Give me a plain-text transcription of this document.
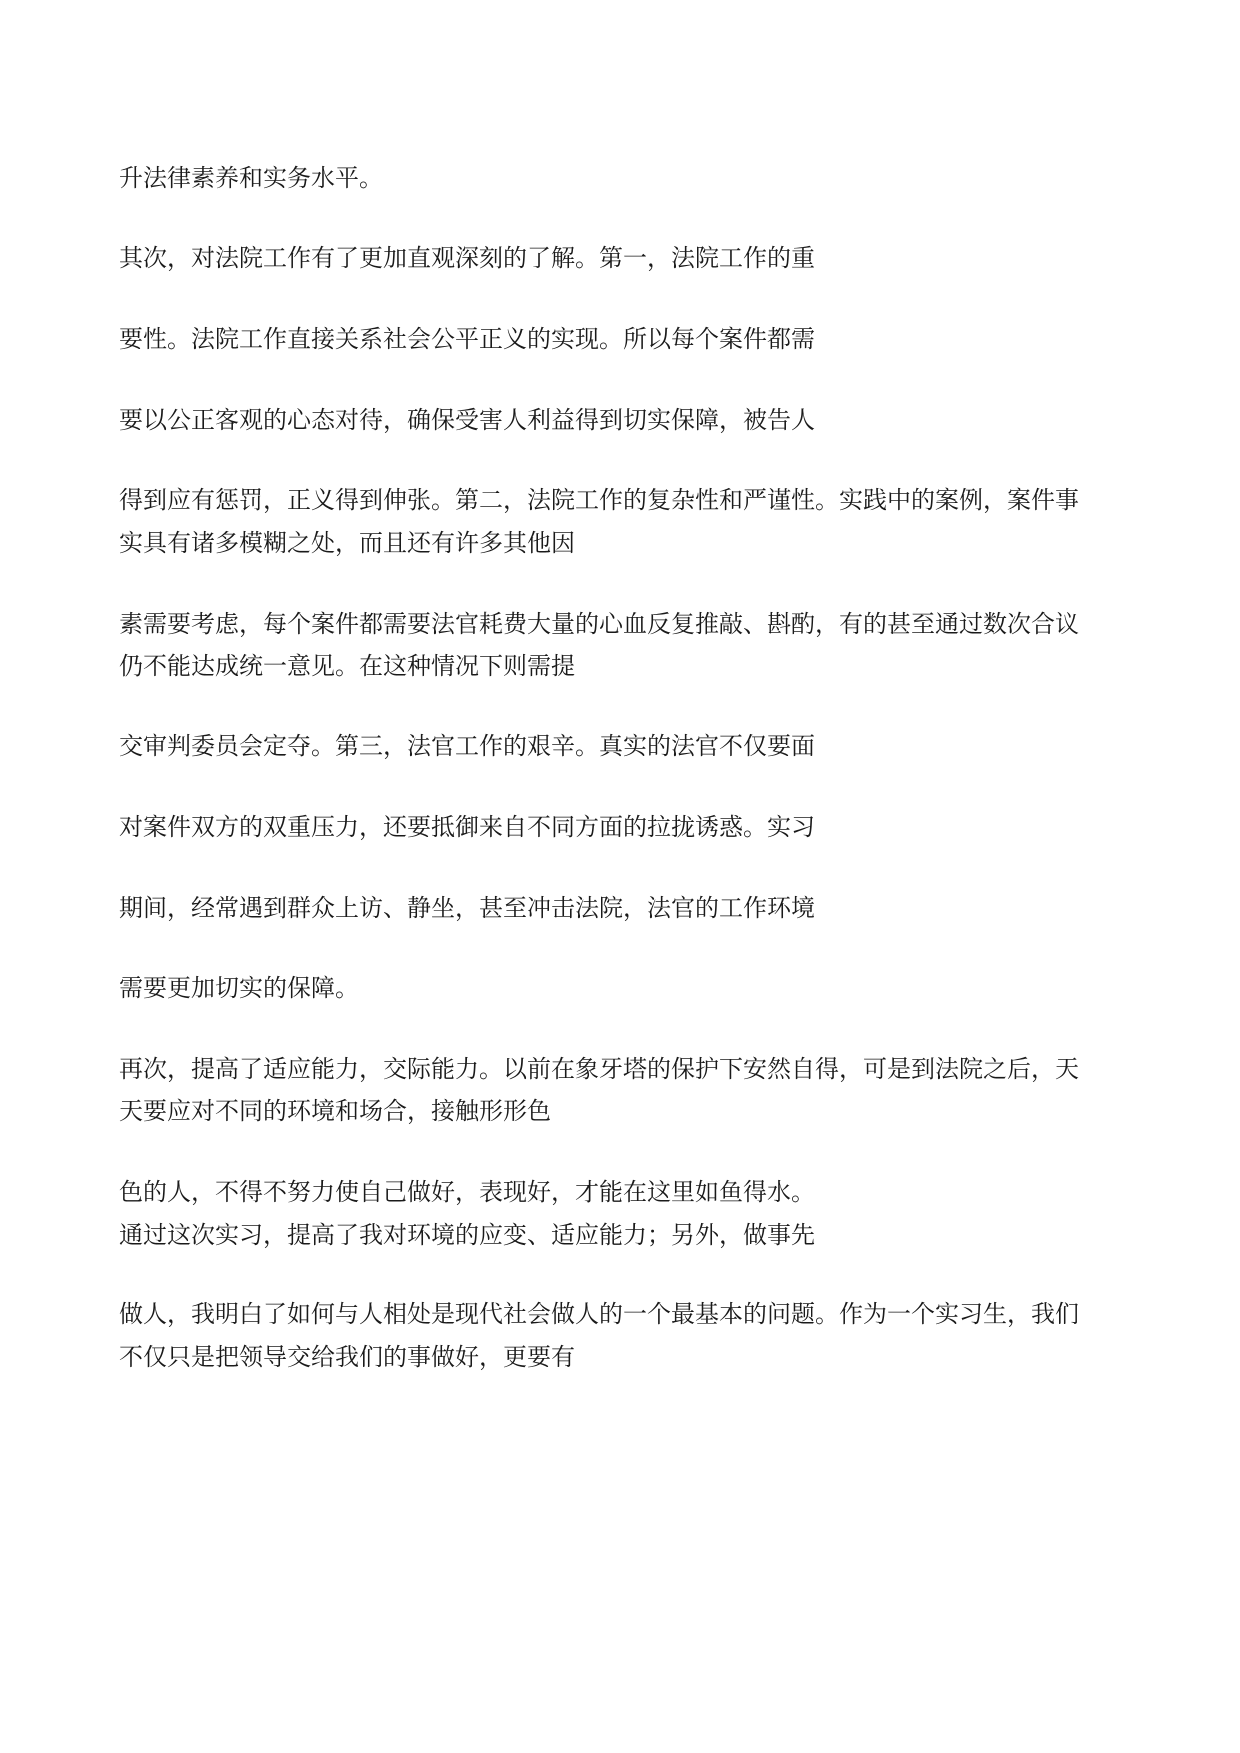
升法律素养和实务水平。

其次，对法院工作有了更加直观深刻的了解。第一，法院工作的重

要性。法院工作直接关系社会公平正义的实现。所以每个案件都需

要以公正客观的心态对待，确保受害人利益得到切实保障，被告人

得到应有惩罚，正义得到伸张。第二，法院工作的复杂性和严谨性。实践中的案例，案件事

实具有诸多模糊之处，而且还有许多其他因

素需要考虑，每个案件都需要法官耗费大量的心血反复推敲、斟酌，有的甚至通过数次合议

仍不能达成统一意见。在这种情况下则需提

交审判委员会定夺。第三，法官工作的艰辛。真实的法官不仅要面

对案件双方的双重压力，还要抵御来自不同方面的拉拢诱惑。实习

期间，经常遇到群众上访、静坐，甚至冲击法院，法官的工作环境

需要更加切实的保障。

再次，提高了适应能力，交际能力。以前在象牙塔的保护下安然自得，可是到法院之后，天

天要应对不同的环境和场合，接触形形色

色的人，不得不努力使自己做好，表现好，才能在这里如鱼得水。

通过这次实习，提高了我对环境的应变、适应能力；另外，做事先

做人，我明白了如何与人相处是现代社会做人的一个最基本的问题。作为一个实习生，我们

不仅只是把领导交给我们的事做好，更要有
